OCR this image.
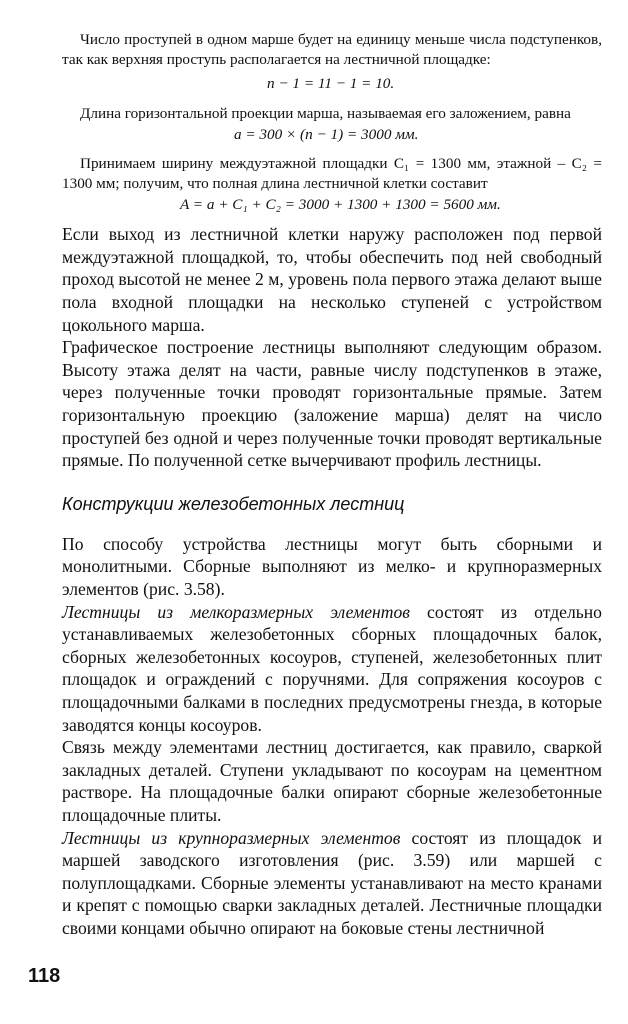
Число проступей в одном марше будет на единицу меньше числа подступенков, так как верхняя проступь располагается на лестничной площадке:

n − 1 = 11 − 1 = 10.

Длина горизонтальной проекции марша, называемая его заложением, равна

a = 300 × (n − 1) = 3000 мм.

Принимаем ширину междуэтажной площадки C₁ = 1300 мм, этажной – C₂ = 1300 мм; получим, что полная длина лестничной клетки составит

A = a + C₁ + C₂ = 3000 + 1300 + 1300 = 5600 мм.

Если выход из лестничной клетки наружу расположен под первой междуэтажной площадкой, то, чтобы обеспечить под ней свободный проход высотой не менее 2 м, уровень пола первого этажа делают выше пола входной площадки на несколько ступеней с устройством цокольного марша.

Графическое построение лестницы выполняют следующим образом. Высоту этажа делят на части, равные числу подступенков в этаже, через полученные точки проводят горизонтальные прямые. Затем горизонтальную проекцию (заложение марша) делят на число проступей без одной и через полученные точки проводят вертикальные прямые. По полученной сетке вычерчивают профиль лестницы.

Конструкции железобетонных лестниц

По способу устройства лестницы могут быть сборными и монолитными. Сборные выполняют из мелко- и крупноразмерных элементов (рис. 3.58).

Лестницы из мелкоразмерных элементов состоят из отдельно устанавливаемых железобетонных сборных площадочных балок, сборных железобетонных косоуров, ступеней, железобетонных плит площадок и ограждений с поручнями. Для сопряжения косоуров с площадочными балками в последних предусмотрены гнезда, в которые заводятся концы косоуров.

Связь между элементами лестниц достигается, как правило, сваркой закладных деталей. Ступени укладывают по косоурам на цементном растворе. На площадочные балки опирают сборные железобетонные площадочные плиты.

Лестницы из крупноразмерных элементов состоят из площадок и маршей заводского изготовления (рис. 3.59) или маршей с полуплощадками. Сборные элементы устанавливают на место кранами и крепят с помощью сварки закладных деталей. Лестничные площадки своими концами обычно опирают на боковые стены лестничной

118
